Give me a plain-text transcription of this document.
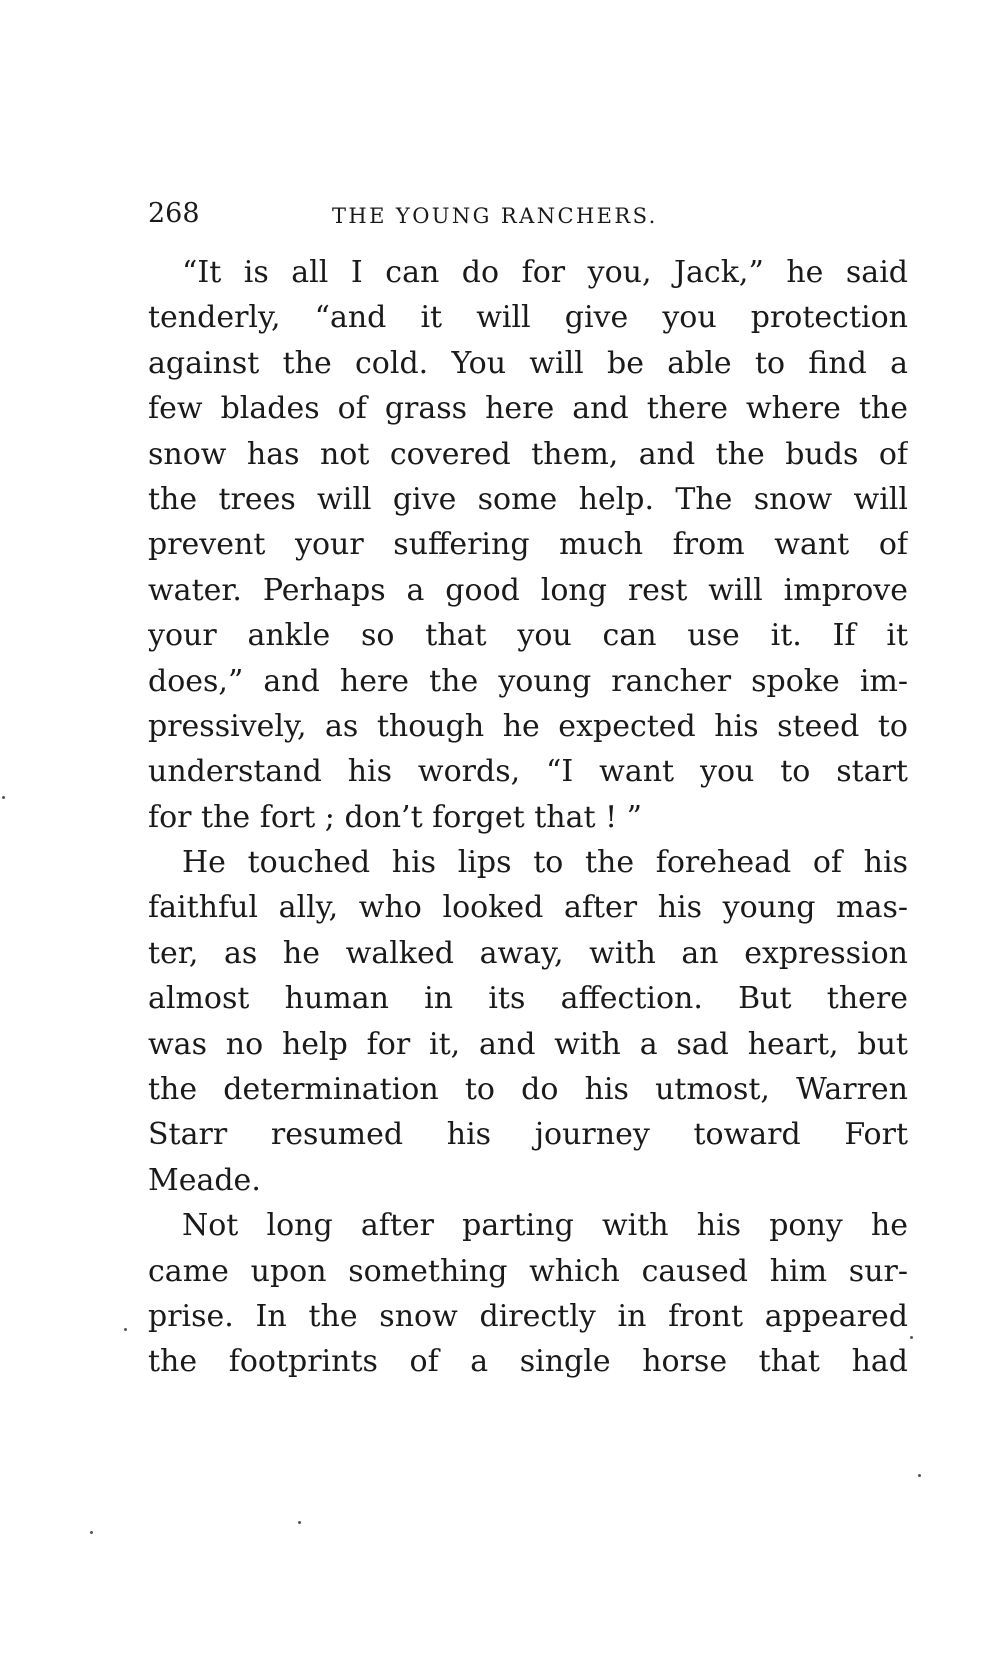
268	THE YOUNG RANCHERS.
“It is all I can do for you, Jack,” he said
tenderly, “and it will give you protection
against the cold. You will be able to find a
few blades of grass here and there where the
snow has not covered them, and the buds of
the trees will give some help. The snow will
prevent your suffering much from want of
water. Perhaps a good long rest will improve
your ankle so that you can use it. If it
does,” and here the young rancher spoke im-
pressively, as though he expected his steed to
understand his words, “I want you to start
for the fort ; don’t forget that ! ”
He touched his lips to the forehead of his
faithful ally, who looked after his young mas-
ter, as he walked away, with an expression
almost human in its affection. But there
was no help for it, and with a sad heart, but
the determination to do his utmost, Warren
Starr resumed his journey toward Fort
Meade.
Not long after parting with his pony he
came upon something which caused him sur-
prise. In the snow directly in front appeared
the footprints of a single horse that had
